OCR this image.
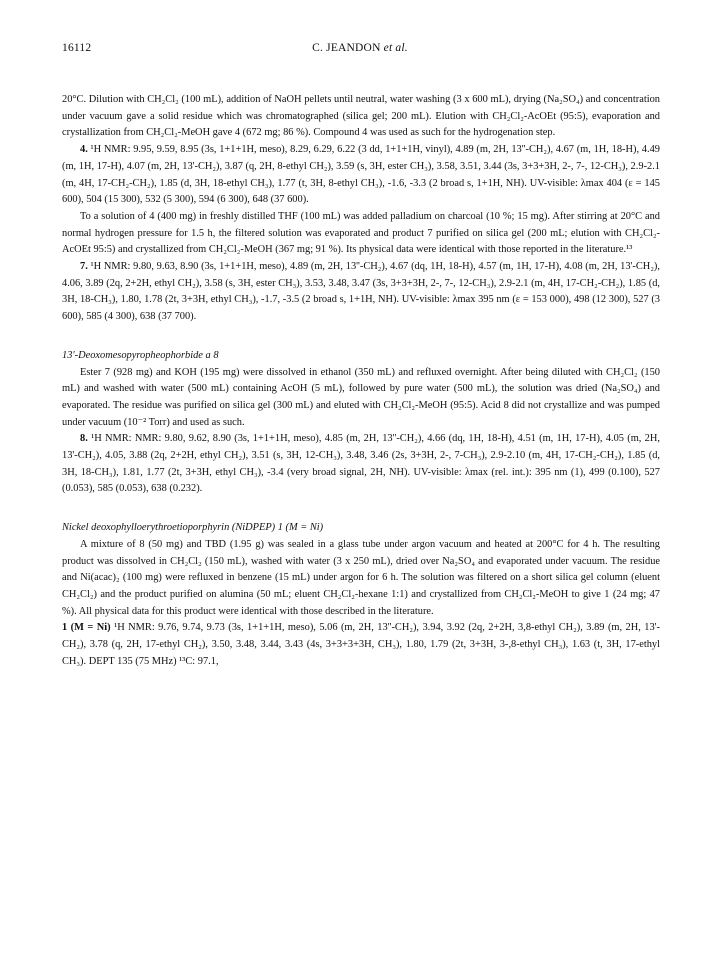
16112	C. JEANDON et al.

20°C. Dilution with CH₂Cl₂ (100 mL), addition of NaOH pellets until neutral, water washing (3 x 600 mL), drying (Na₂SO₄) and concentration under vacuum gave a solid residue which was chromatographed (silica gel; 200 mL). Elution with CH₂Cl₂-AcOEt (95:5), evaporation and crystallization from CH₂Cl₂-MeOH gave 4 (672 mg; 86 %). Compound 4 was used as such for the hydrogenation step.

4. ¹H NMR: 9.95, 9.59, 8.95 (3s, 1+1+1H, meso), 8.29, 6.29, 6.22 (3 dd, 1+1+1H, vinyl), 4.89 (m, 2H, 13''-CH₂), 4.67 (m, 1H, 18-H), 4.49 (m, 1H, 17-H), 4.07 (m, 2H, 13'-CH₂), 3.87 (q, 2H, 8-ethyl CH₂), 3.59 (s, 3H, ester CH₃), 3.58, 3.51, 3.44 (3s, 3+3+3H, 2-, 7-, 12-CH₃), 2.9-2.1 (m, 4H, 17-CH₂-CH₂), 1.85 (d, 3H, 18-ethyl CH₃), 1.77 (t, 3H, 8-ethyl CH₃), -1.6, -3.3 (2 broad s, 1+1H, NH). UV-visible: λmax 404 (ε = 145 600), 504 (15 300), 532 (5 300), 594 (6 300), 648 (37 600).

To a solution of 4 (400 mg) in freshly distilled THF (100 mL) was added palladium on charcoal (10 %; 15 mg). After stirring at 20°C and normal hydrogen pressure for 1.5 h, the filtered solution was evaporated and product 7 purified on silica gel (200 mL; elution with CH₂Cl₂-AcOEt 95:5) and crystallized from CH₂Cl₂-MeOH (367 mg; 91 %). Its physical data were identical with those reported in the literature.¹³

7. ¹H NMR: 9.80, 9.63, 8.90 (3s, 1+1+1H, meso), 4.89 (m, 2H, 13''-CH₂), 4.67 (dq, 1H, 18-H), 4.57 (m, 1H, 17-H), 4.08 (m, 2H, 13'-CH₂), 4.06, 3.89 (2q, 2+2H, ethyl CH₂), 3.58 (s, 3H, ester CH₃), 3.53, 3.48, 3.47 (3s, 3+3+3H, 2-, 7-, 12-CH₃), 2.9-2.1 (m, 4H, 17-CH₂-CH₂), 1.85 (d, 3H, 18-CH₃), 1.80, 1.78 (2t, 3+3H, ethyl CH₃), -1.7, -3.5 (2 broad s, 1+1H, NH). UV-visible: λmax 395 nm (ε = 153 000), 498 (12 300), 527 (3 600), 585 (4 300), 638 (37 700).

13'-Deoxomesopyropheophorbide a 8

Ester 7 (928 mg) and KOH (195 mg) were dissolved in ethanol (350 mL) and refluxed overnight. After being diluted with CH₂Cl₂ (150 mL) and washed with water (500 mL) containing AcOH (5 mL), followed by pure water (500 mL), the solution was dried (Na₂SO₄) and evaporated. The residue was purified on silica gel (300 mL) and eluted with CH₂Cl₂-MeOH (95:5). Acid 8 did not crystallize and was pumped under vacuum (10⁻² Torr) and used as such.

8. ¹H NMR: NMR: 9.80, 9.62, 8.90 (3s, 1+1+1H, meso), 4.85 (m, 2H, 13''-CH₂), 4.66 (dq, 1H, 18-H), 4.51 (m, 1H, 17-H), 4.05 (m, 2H, 13'-CH₂), 4.05, 3.88 (2q, 2+2H, ethyl CH₂), 3.51 (s, 3H, 12-CH₃), 3.48, 3.46 (2s, 3+3H, 2-, 7-CH₃), 2.9-2.10 (m, 4H, 17-CH₂-CH₂), 1.85 (d, 3H, 18-CH₃), 1.81, 1.77 (2t, 3+3H, ethyl CH₃), -3.4 (very broad signal, 2H, NH). UV-visible: λmax (rel. int.): 395 nm (1), 499 (0.100), 527 (0.053), 585 (0.053), 638 (0.232).

Nickel deoxophylloerythroetioporphyrin (NiDPEP) 1 (M = Ni)

A mixture of 8 (50 mg) and TBD (1.95 g) was sealed in a glass tube under argon vacuum and heated at 200°C for 4 h. The resulting product was dissolved in CH₂Cl₂ (150 mL), washed with water (3 x 250 mL), dried over Na₂SO₄ and evaporated under vacuum. The residue and Ni(acac)₂ (100 mg) were refluxed in benzene (15 mL) under argon for 6 h. The solution was filtered on a short silica gel column (eluent CH₂Cl₂) and the product purified on alumina (50 mL; eluent CH₂Cl₂-hexane 1:1) and crystallized from CH₂Cl₂-MeOH to give 1 (24 mg; 47 %). All physical data for this product were identical with those described in the literature.

1 (M = Ni) ¹H NMR: 9.76, 9.74, 9.73 (3s, 1+1+1H, meso), 5.06 (m, 2H, 13''-CH₂), 3.94, 3.92 (2q, 2+2H, 3,8-ethyl CH₂), 3.89 (m, 2H, 13'-CH₂), 3.78 (q, 2H, 17-ethyl CH₂), 3.50, 3.48, 3.44, 3.43 (4s, 3+3+3+3H, CH₃), 1.80, 1.79 (2t, 3+3H, 3-,8-ethyl CH₃), 1.63 (t, 3H, 17-ethyl CH₃). DEPT 135 (75 MHz) ¹³C: 97.1,
